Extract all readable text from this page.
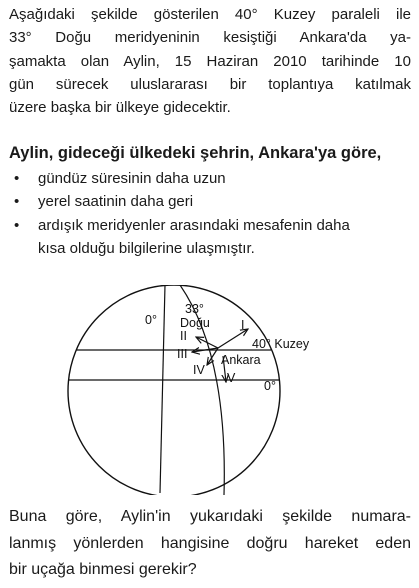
Aşağıdaki şekilde gösterilen 40° Kuzey paraleli ile
33° Doğu meridyeninin kesiştiği Ankara'da ya-
şamakta olan Aylin, 15 Haziran 2010 tarihinde 10
gün sürecek uluslararası bir toplantıya katılmak
üzere başka bir ülkeye gidecektir.
Aylin, gideceği ülkedeki şehrin, Ankara'ya göre,
• gündüz süresinin daha uzun
• yerel saatinin daha geri
• ardışık meridyenler arasındaki mesafenin daha
kısa olduğu bilgilerine ulaşmıştır.
0°
33°
Doğu
40° Kuzey
Ankara
0°
I
II
III
IV
V
Buna göre, Aylin'in yukarıdaki şekilde numara-
lanmış yönlerden hangisine doğru hareket eden
bir uçağa binmesi gerekir?
